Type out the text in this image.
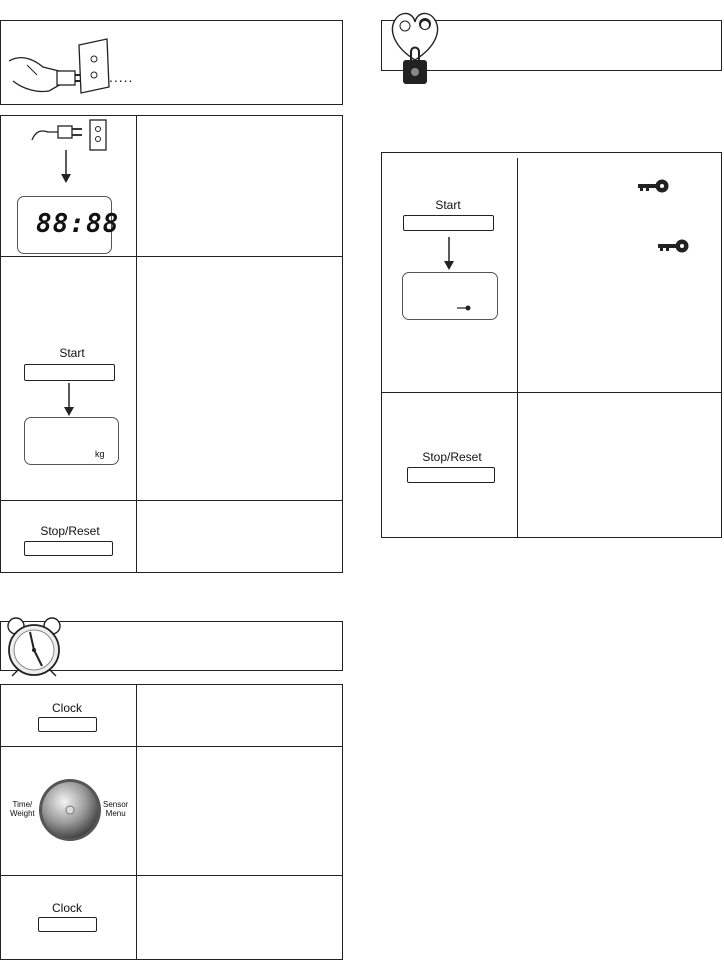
.....
88:88
Start
kg
Stop/Reset
Clock
Time/
Weight
Sensor
Menu
Clock
Start
Stop/Reset
